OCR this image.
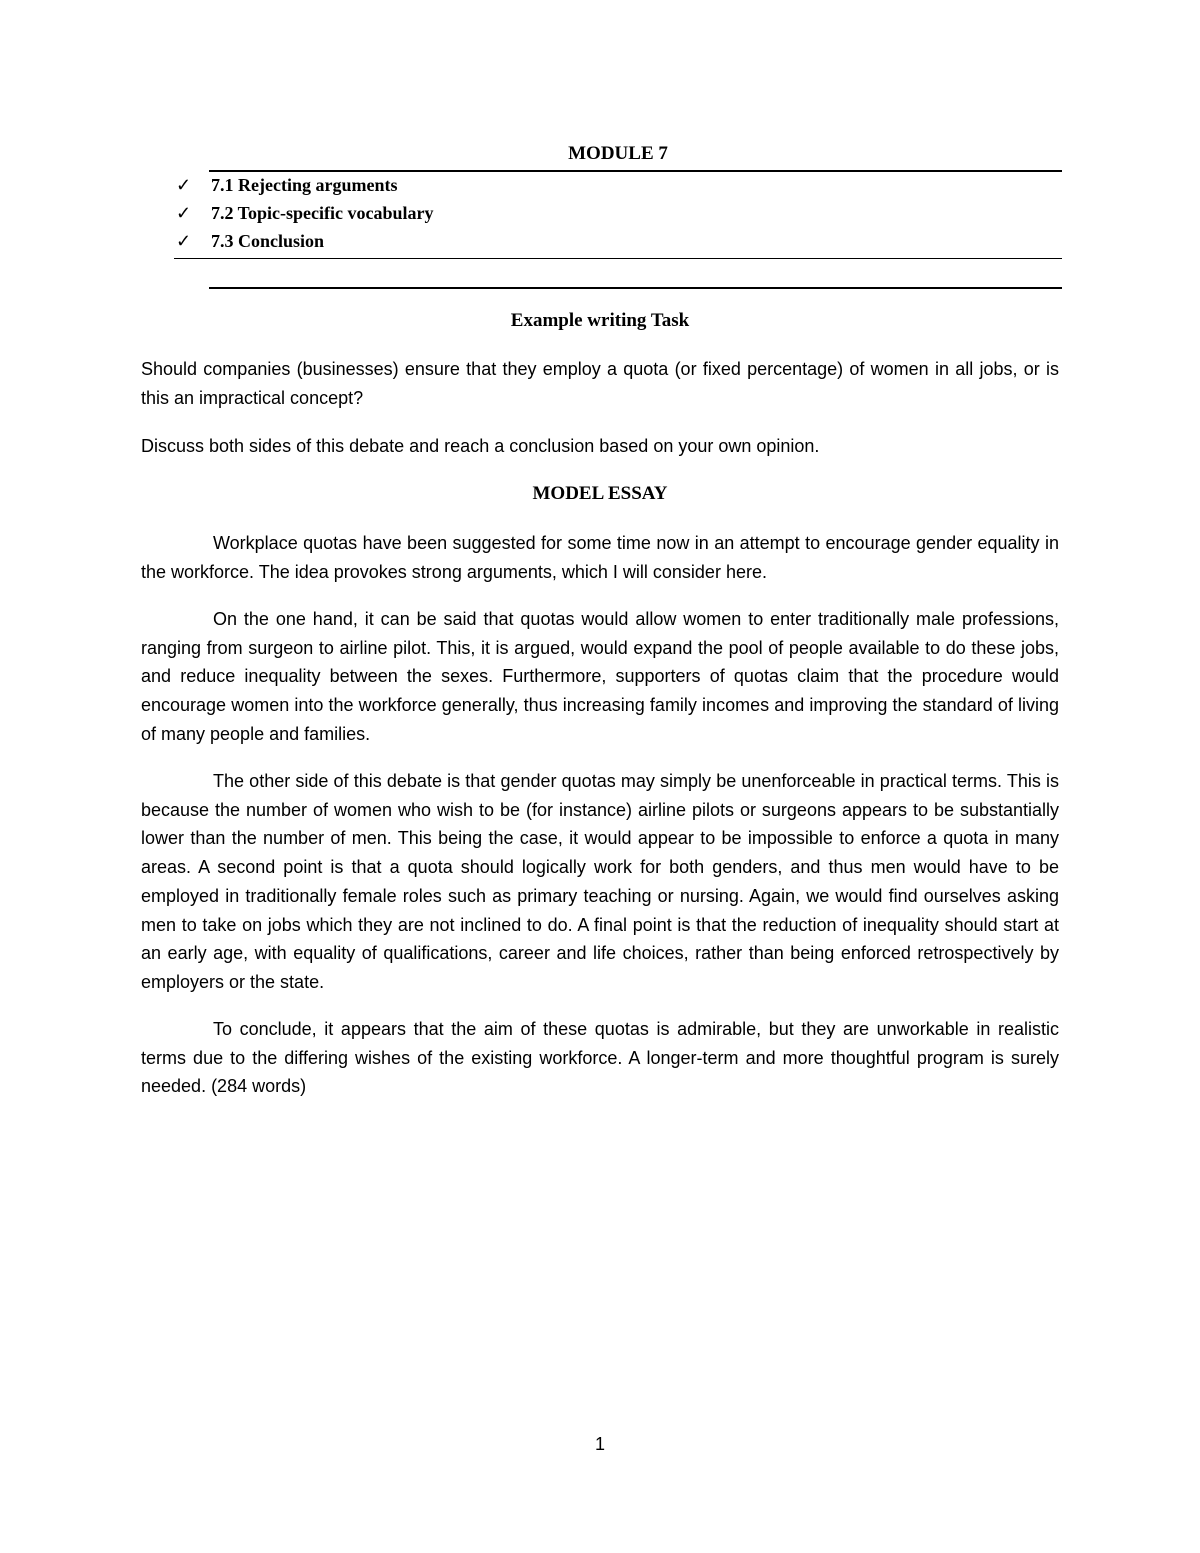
MODULE 7
✓	7.1 Rejecting arguments
✓	7.2 Topic-specific vocabulary
✓	7.3 Conclusion
Example writing Task

Should companies (businesses) ensure that they employ a quota (or fixed percentage) of women in all jobs, or is this an impractical concept?

Discuss both sides of this debate and reach a conclusion based on your own opinion.

MODEL ESSAY

Workplace quotas have been suggested for some time now in an attempt to encourage gender equality in the workforce. The idea provokes strong arguments, which I will consider here.

On the one hand, it can be said that quotas would allow women to enter traditionally male professions, ranging from surgeon to airline pilot. This, it is argued, would expand the pool of people available to do these jobs, and reduce inequality between the sexes. Furthermore, supporters of quotas claim that the procedure would encourage women into the workforce generally, thus increasing family incomes and improving the standard of living of many people and families.

The other side of this debate is that gender quotas may simply be unenforceable in practical terms. This is because the number of women who wish to be (for instance) airline pilots or surgeons appears to be substantially lower than the number of men. This being the case, it would appear to be impossible to enforce a quota in many areas. A second point is that a quota should logically work for both genders, and thus men would have to be employed in traditionally female roles such as primary teaching or nursing. Again, we would find ourselves asking men to take on jobs which they are not inclined to do. A final point is that the reduction of inequality should start at an early age, with equality of qualifications, career and life choices, rather than being enforced retrospectively by employers or the state.

To conclude, it appears that the aim of these quotas is admirable, but they are unworkable in realistic terms due to the differing wishes of the existing workforce. A longer-term and more thoughtful program is surely needed. (284 words)

1
